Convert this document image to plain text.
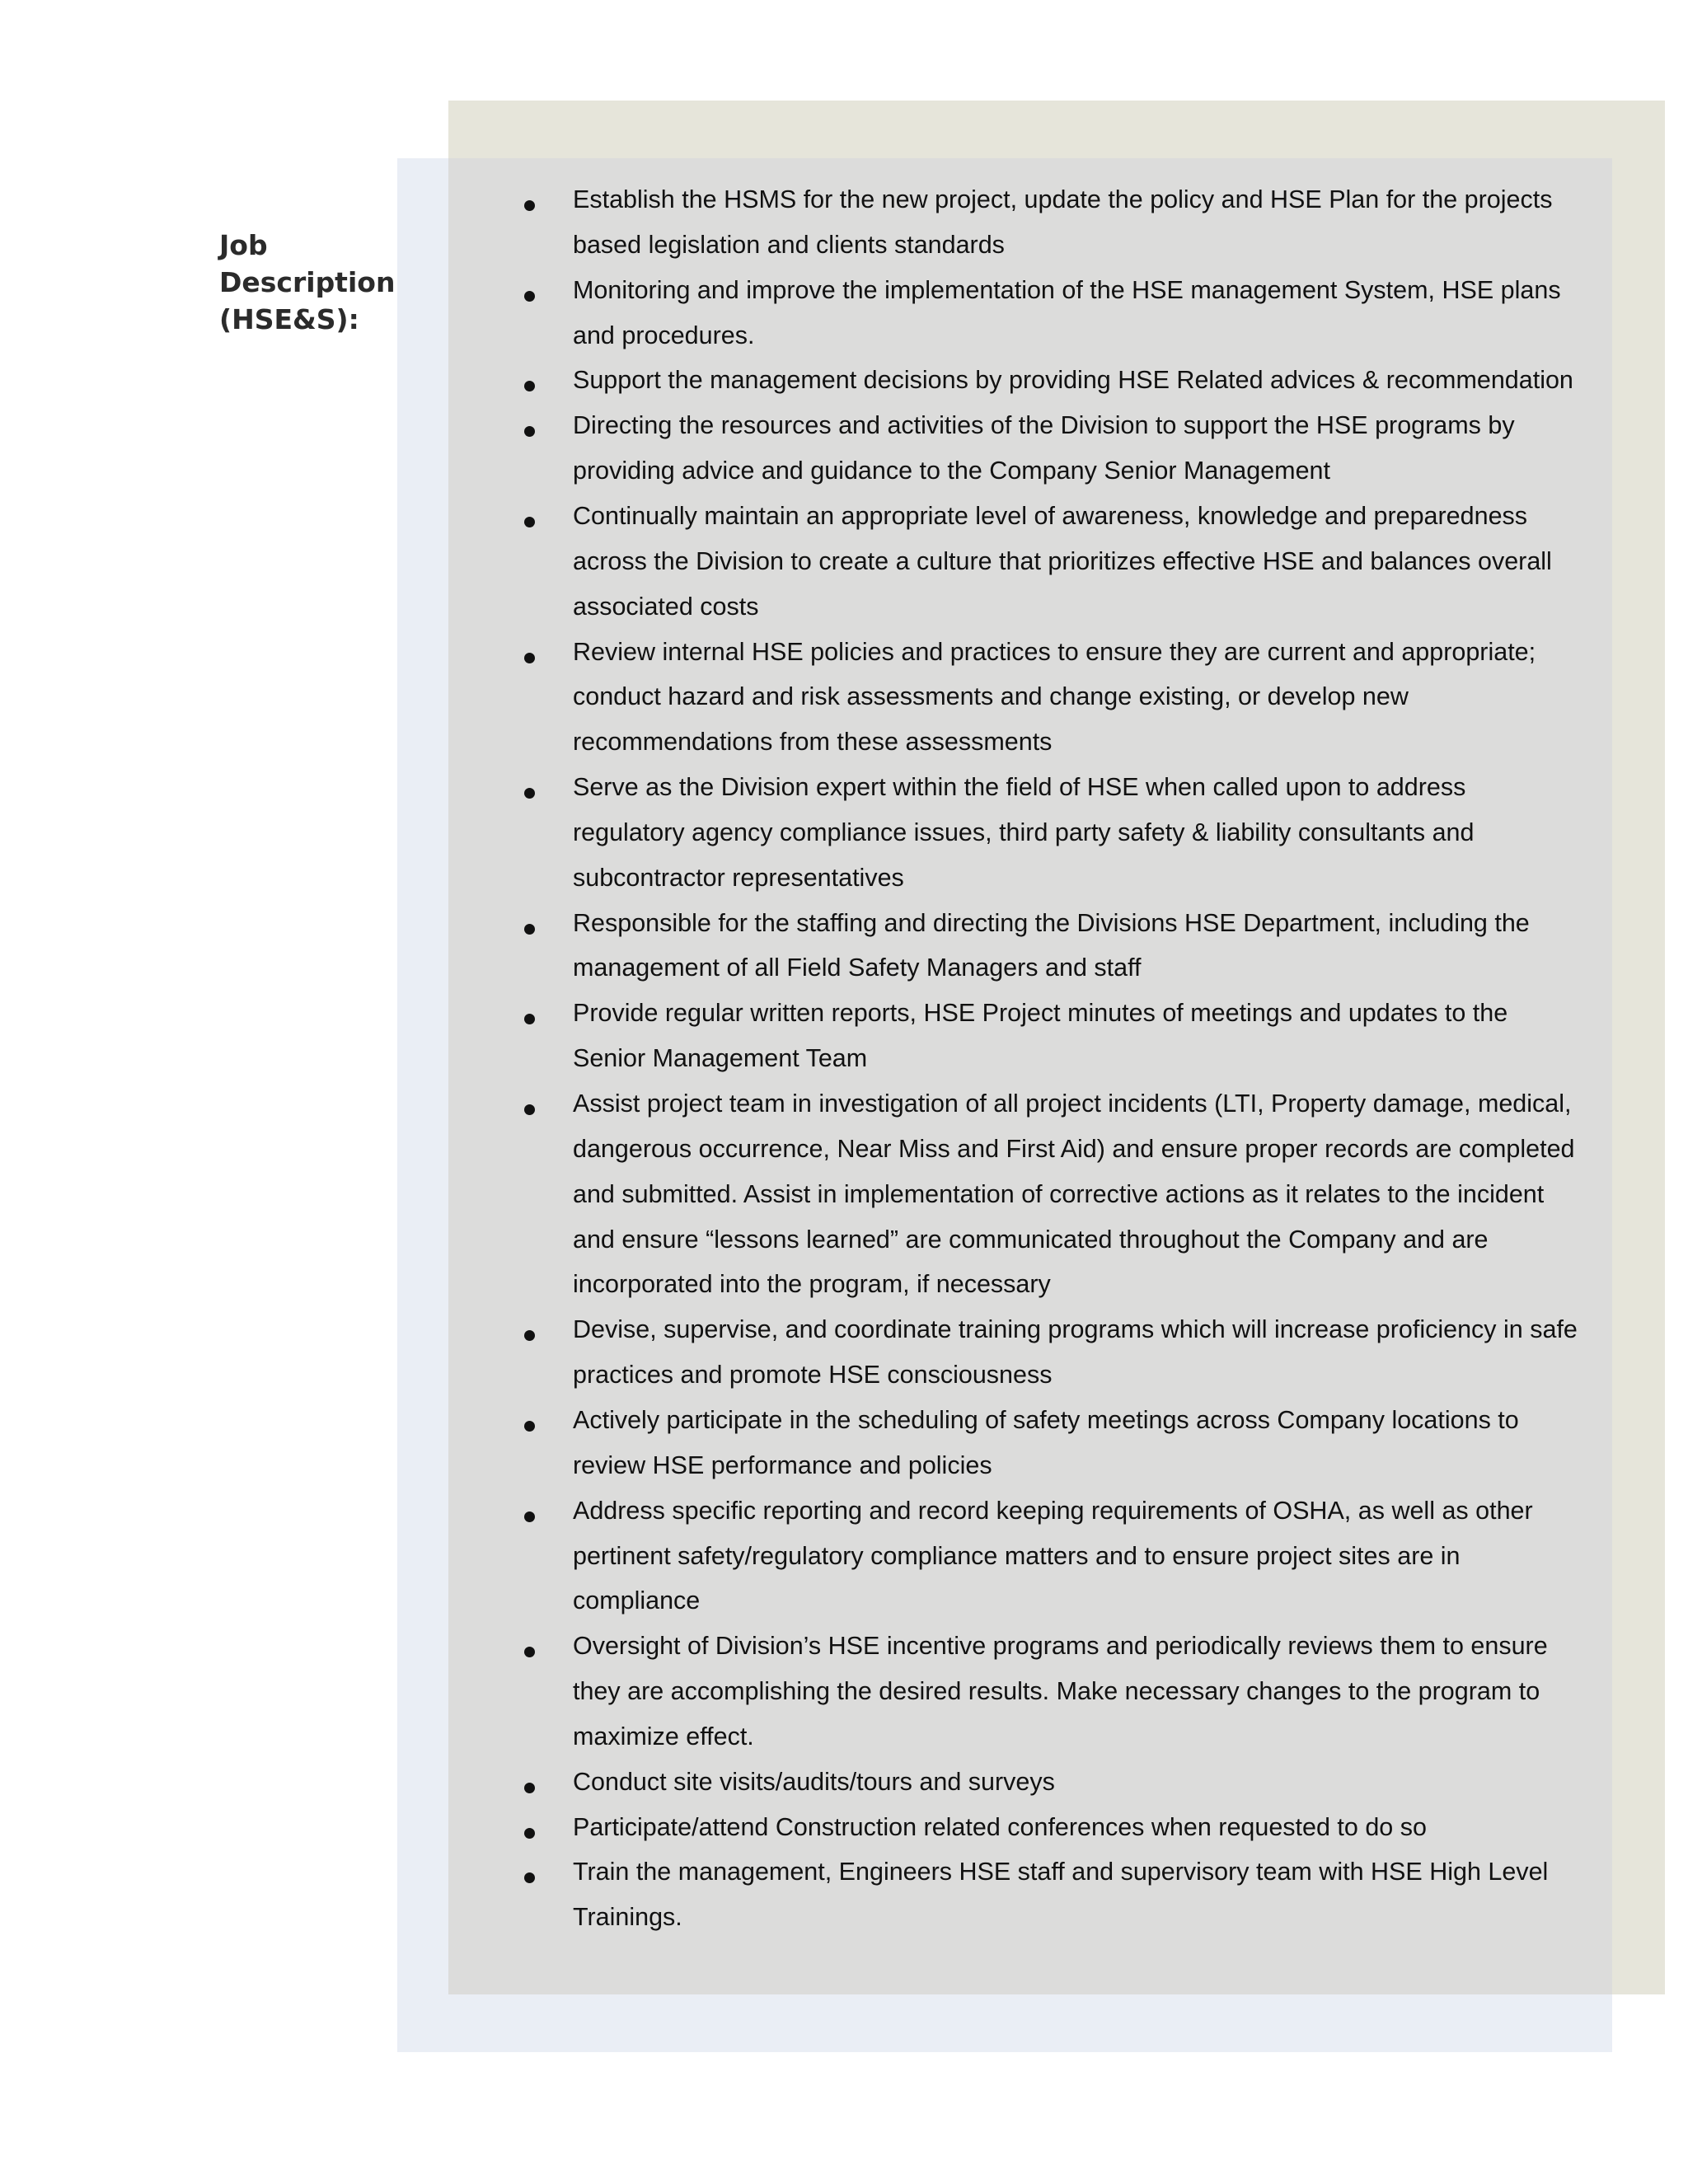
Job
Description
(HSE&S):
Establish the HSMS for the new project, update the policy and HSE Plan for the projects
based legislation and clients standards
Monitoring and improve the implementation of the HSE management System, HSE plans
and procedures.
Support the management decisions by providing HSE Related advices & recommendation
Directing the resources and activities of the Division to support the HSE programs by
providing advice and guidance to the Company Senior Management
Continually maintain an appropriate level of awareness, knowledge and preparedness
across the Division to create a culture that prioritizes effective HSE and balances overall
associated costs
Review internal HSE policies and practices to ensure they are current and appropriate;
conduct hazard and risk assessments and change existing, or develop new
recommendations from these assessments
Serve as the Division expert within the field of HSE when called upon to address
regulatory agency compliance issues, third party safety & liability consultants and
subcontractor representatives
Responsible for the staffing and directing the Divisions HSE Department, including the
management of all Field Safety Managers and staff
Provide regular written reports, HSE Project minutes of meetings and updates to the
Senior Management Team
Assist project team in investigation of all project incidents (LTI, Property damage, medical,
dangerous occurrence, Near Miss and First Aid) and ensure proper records are completed
and submitted. Assist in implementation of corrective actions as it relates to the incident
and ensure “lessons learned” are communicated throughout the Company and are
incorporated into the program, if necessary
Devise, supervise, and coordinate training programs which will increase proficiency in safe
practices and promote HSE consciousness
Actively participate in the scheduling of safety meetings across Company locations to
review HSE performance and policies
Address specific reporting and record keeping requirements of OSHA, as well as other
pertinent safety/regulatory compliance matters and to ensure project sites are in
compliance
Oversight of Division’s HSE incentive programs and periodically reviews them to ensure
they are accomplishing the desired results. Make necessary changes to the program to
maximize effect.
Conduct site visits/audits/tours and surveys
Participate/attend Construction related conferences when requested to do so
Train the management, Engineers HSE staff and supervisory team with HSE High Level
Trainings.
